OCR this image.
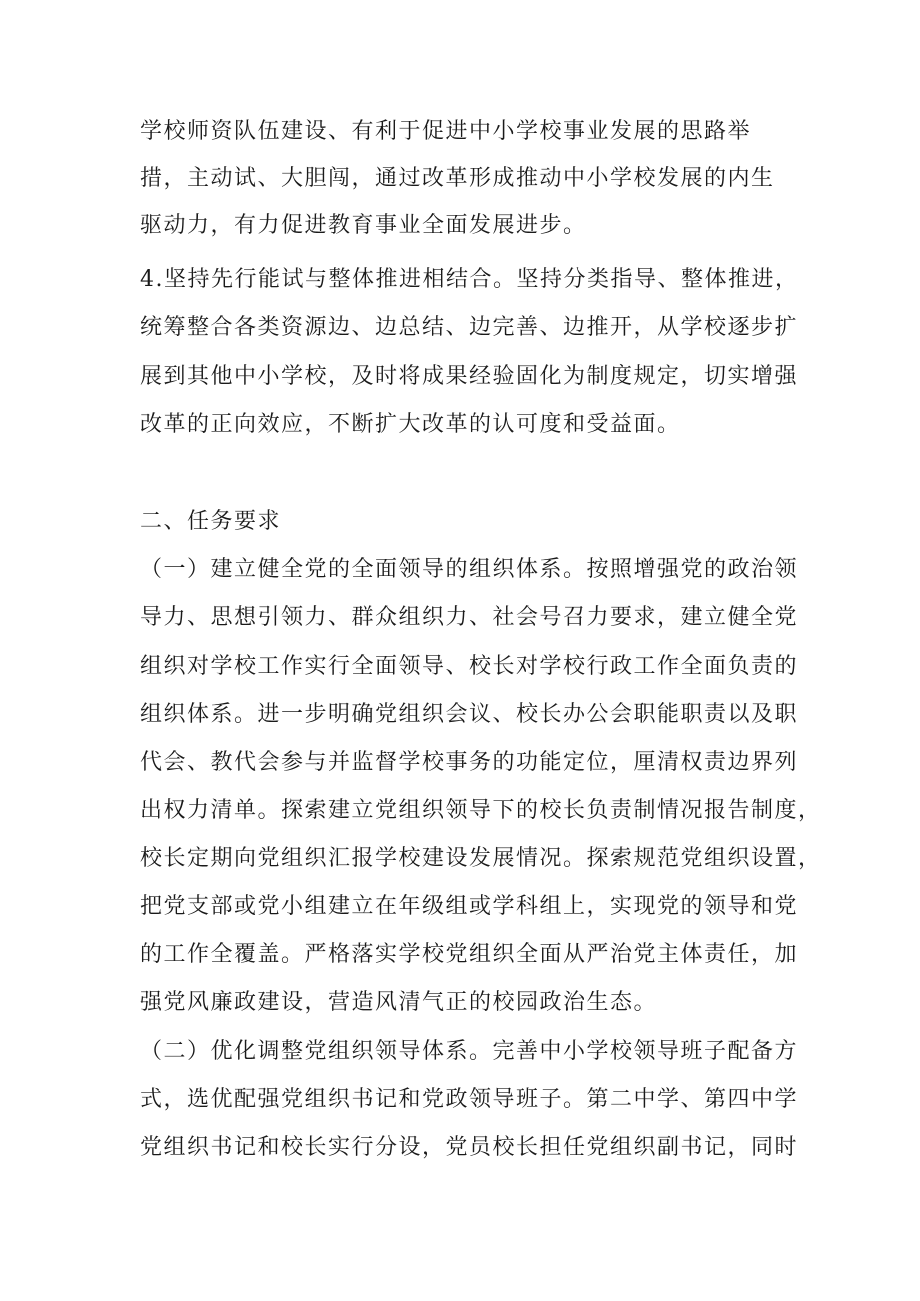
学校师资队伍建设、有利于促进中小学校事业发展的思路举
措，主动试、大胆闯，通过改革形成推动中小学校发展的内生
驱动力，有力促进教育事业全面发展进步。
4.坚持先行能试与整体推进相结合。坚持分类指导、整体推进，
统筹整合各类资源边、边总结、边完善、边推开，从学校逐步扩
展到其他中小学校，及时将成果经验固化为制度规定，切实增强
改革的正向效应，不断扩大改革的认可度和受益面。
二、任务要求
（一）建立健全党的全面领导的组织体系。按照增强党的政治领
导力、思想引领力、群众组织力、社会号召力要求，建立健全党
组织对学校工作实行全面领导、校长对学校行政工作全面负责的
组织体系。进一步明确党组织会议、校长办公会职能职责以及职
代会、教代会参与并监督学校事务的功能定位，厘清权责边界列
出权力清单。探索建立党组织领导下的校长负责制情况报告制度，
校长定期向党组织汇报学校建设发展情况。探索规范党组织设置，
把党支部或党小组建立在年级组或学科组上，实现党的领导和党
的工作全覆盖。严格落实学校党组织全面从严治党主体责任，加
强党风廉政建设，营造风清气正的校园政治生态。
（二）优化调整党组织领导体系。完善中小学校领导班子配备方
式，选优配强党组织书记和党政领导班子。第二中学、第四中学
党组织书记和校长实行分设，党员校长担任党组织副书记，同时
